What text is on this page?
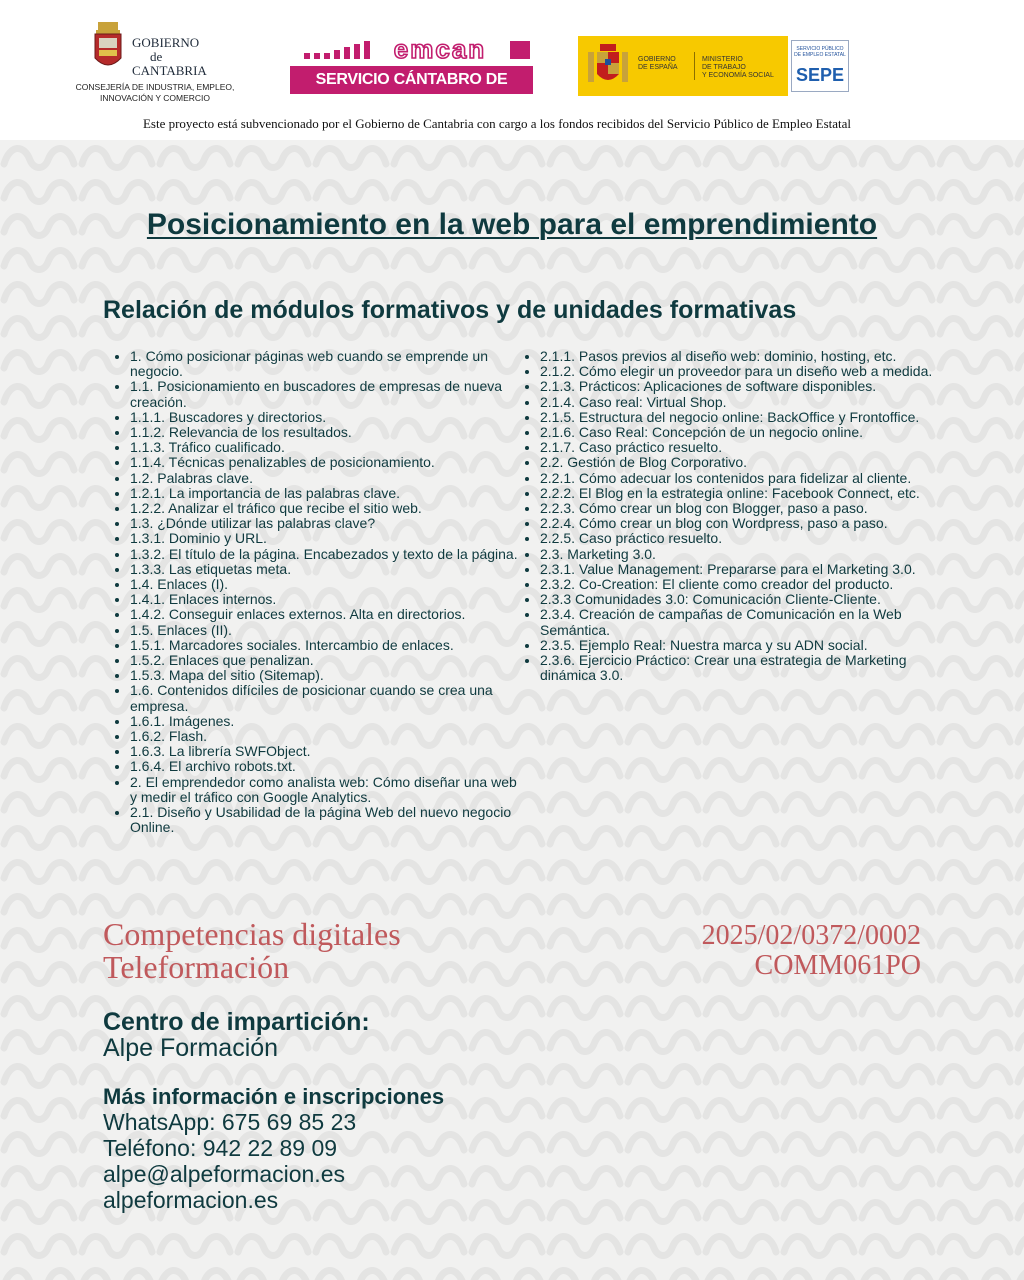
GOBIERNO
de
CANTABRIA
CONSEJERÍA DE INDUSTRIA, EMPLEO,
INNOVACIÓN Y COMERCIO
emcan
SERVICIO CÁNTABRO DE EMPLEO
GOBIERNO
DE ESPAÑA
MINISTERIO
DE TRABAJO
Y ECONOMÍA SOCIAL
SERVICIO PÚBLICO
DE EMPLEO ESTATAL
SEPE
Este proyecto está subvencionado por el Gobierno de Cantabria con cargo a los fondos recibidos del Servicio Público de Empleo Estatal
Posicionamiento en la web para el emprendimiento
Relación de módulos formativos y de unidades formativas
• 1. Cómo posicionar páginas web cuando se emprende un negocio.
• 1.1. Posicionamiento en buscadores de empresas de nueva creación.
• 1.1.1. Buscadores y directorios.
• 1.1.2. Relevancia de los resultados.
• 1.1.3. Tráfico cualificado.
• 1.1.4. Técnicas penalizables de posicionamiento.
• 1.2. Palabras clave.
• 1.2.1. La importancia de las palabras clave.
• 1.2.2. Analizar el tráfico que recibe el sitio web.
• 1.3. ¿Dónde utilizar las palabras clave?
• 1.3.1. Dominio y URL.
• 1.3.2. El título de la página. Encabezados y texto de la página.
• 1.3.3. Las etiquetas meta.
• 1.4. Enlaces (I).
• 1.4.1. Enlaces internos.
• 1.4.2. Conseguir enlaces externos. Alta en directorios.
• 1.5. Enlaces (II).
• 1.5.1. Marcadores sociales. Intercambio de enlaces.
• 1.5.2. Enlaces que penalizan.
• 1.5.3. Mapa del sitio (Sitemap).
• 1.6. Contenidos difíciles de posicionar cuando se crea una empresa.
• 1.6.1. Imágenes.
• 1.6.2. Flash.
• 1.6.3. La librería SWFObject.
• 1.6.4. El archivo robots.txt.
• 2. El emprendedor como analista web: Cómo diseñar una web y medir el tráfico con Google Analytics.
• 2.1. Diseño y Usabilidad de la página Web del nuevo negocio Online.
• 2.1.1. Pasos previos al diseño web: dominio, hosting, etc.
• 2.1.2. Cómo elegir un proveedor para un diseño web a medida.
• 2.1.3. Prácticos: Aplicaciones de software disponibles.
• 2.1.4. Caso real: Virtual Shop.
• 2.1.5. Estructura del negocio online: BackOffice y Frontoffice.
• 2.1.6. Caso Real: Concepción de un negocio online.
• 2.1.7. Caso práctico resuelto.
• 2.2. Gestión de Blog Corporativo.
• 2.2.1. Cómo adecuar los contenidos para fidelizar al cliente.
• 2.2.2. El Blog en la estrategia online: Facebook Connect, etc.
• 2.2.3. Cómo crear un blog con Blogger, paso a paso.
• 2.2.4. Cómo crear un blog con Wordpress, paso a paso.
• 2.2.5. Caso práctico resuelto.
• 2.3. Marketing 3.0.
• 2.3.1. Value Management: Prepararse para el Marketing 3.0.
• 2.3.2. Co-Creation: El cliente como creador del producto.
• 2.3.3 Comunidades 3.0: Comunicación Cliente-Cliente.
• 2.3.4. Creación de campañas de Comunicación en la Web Semántica.
• 2.3.5. Ejemplo Real: Nuestra marca y su ADN social.
• 2.3.6. Ejercicio Práctico: Crear una estrategia de Marketing dinámica 3.0.
Competencias digitales
Teleformación
2025/02/0372/0002
COMM061PO
Centro de impartición:
Alpe Formación
Más información e inscripciones
WhatsApp: 675 69 85 23
Teléfono: 942 22 89 09
alpe@alpeformacion.es
alpeformacion.es
